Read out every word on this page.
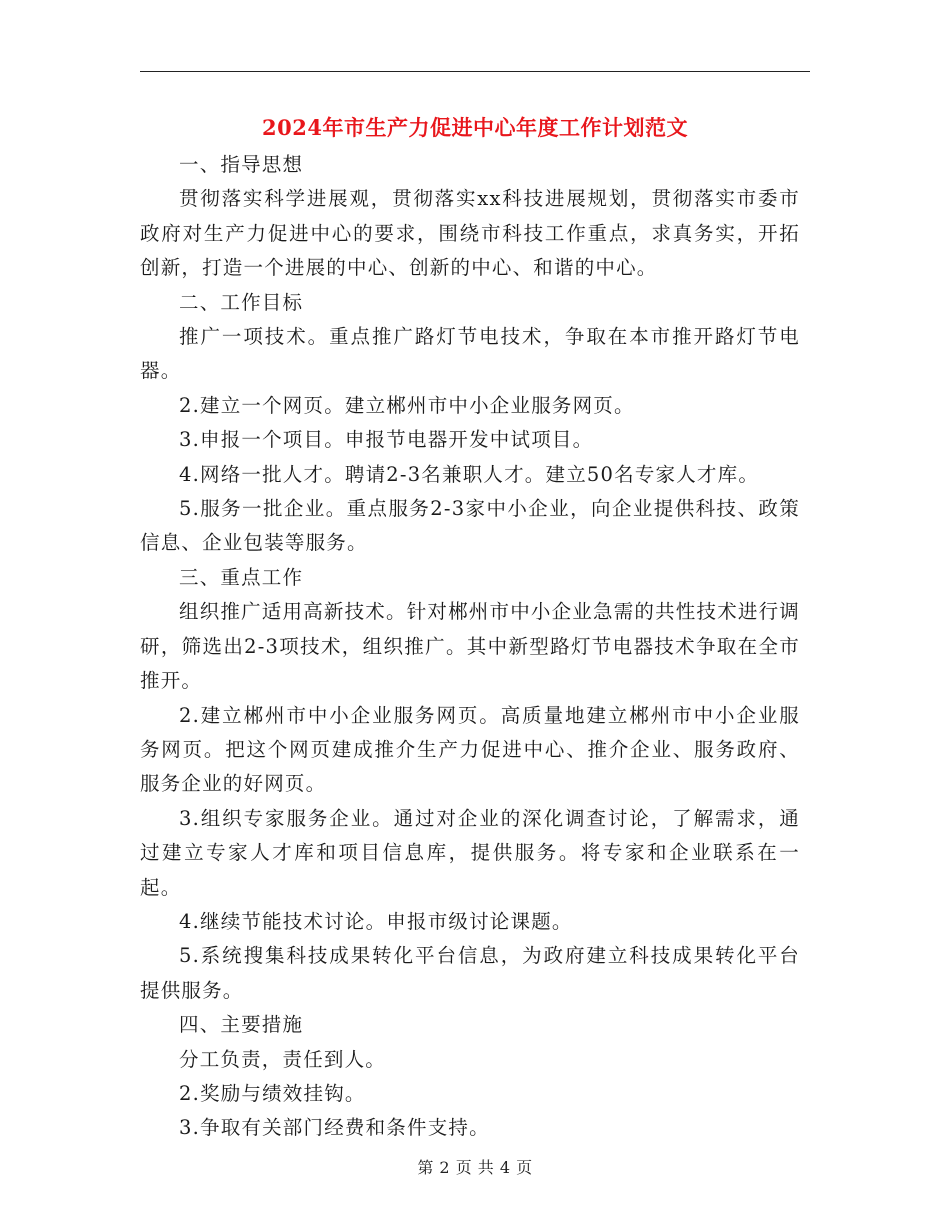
2024年市生产力促进中心年度工作计划范文

一、指导思想

贯彻落实科学进展观，贯彻落实xx科技进展规划，贯彻落实市委市政府对生产力促进中心的要求，围绕市科技工作重点，求真务实，开拓创新，打造一个进展的中心、创新的中心、和谐的中心。

二、工作目标

推广一项技术。重点推广路灯节电技术，争取在本市推开路灯节电器。

2.建立一个网页。建立郴州市中小企业服务网页。

3.申报一个项目。申报节电器开发中试项目。

4.网络一批人才。聘请2-3名兼职人才。建立50名专家人才库。

5.服务一批企业。重点服务2-3家中小企业，向企业提供科技、政策信息、企业包装等服务。

三、重点工作

组织推广适用高新技术。针对郴州市中小企业急需的共性技术进行调研，筛选出2-3项技术，组织推广。其中新型路灯节电器技术争取在全市推开。

2.建立郴州市中小企业服务网页。高质量地建立郴州市中小企业服务网页。把这个网页建成推介生产力促进中心、推介企业、服务政府、服务企业的好网页。

3.组织专家服务企业。通过对企业的深化调查讨论，了解需求，通过建立专家人才库和项目信息库，提供服务。将专家和企业联系在一起。

4.继续节能技术讨论。申报市级讨论课题。

5.系统搜集科技成果转化平台信息，为政府建立科技成果转化平台提供服务。

四、主要措施

分工负责，责任到人。

2.奖励与绩效挂钩。

3.争取有关部门经费和条件支持。

第 2 页 共 4 页
